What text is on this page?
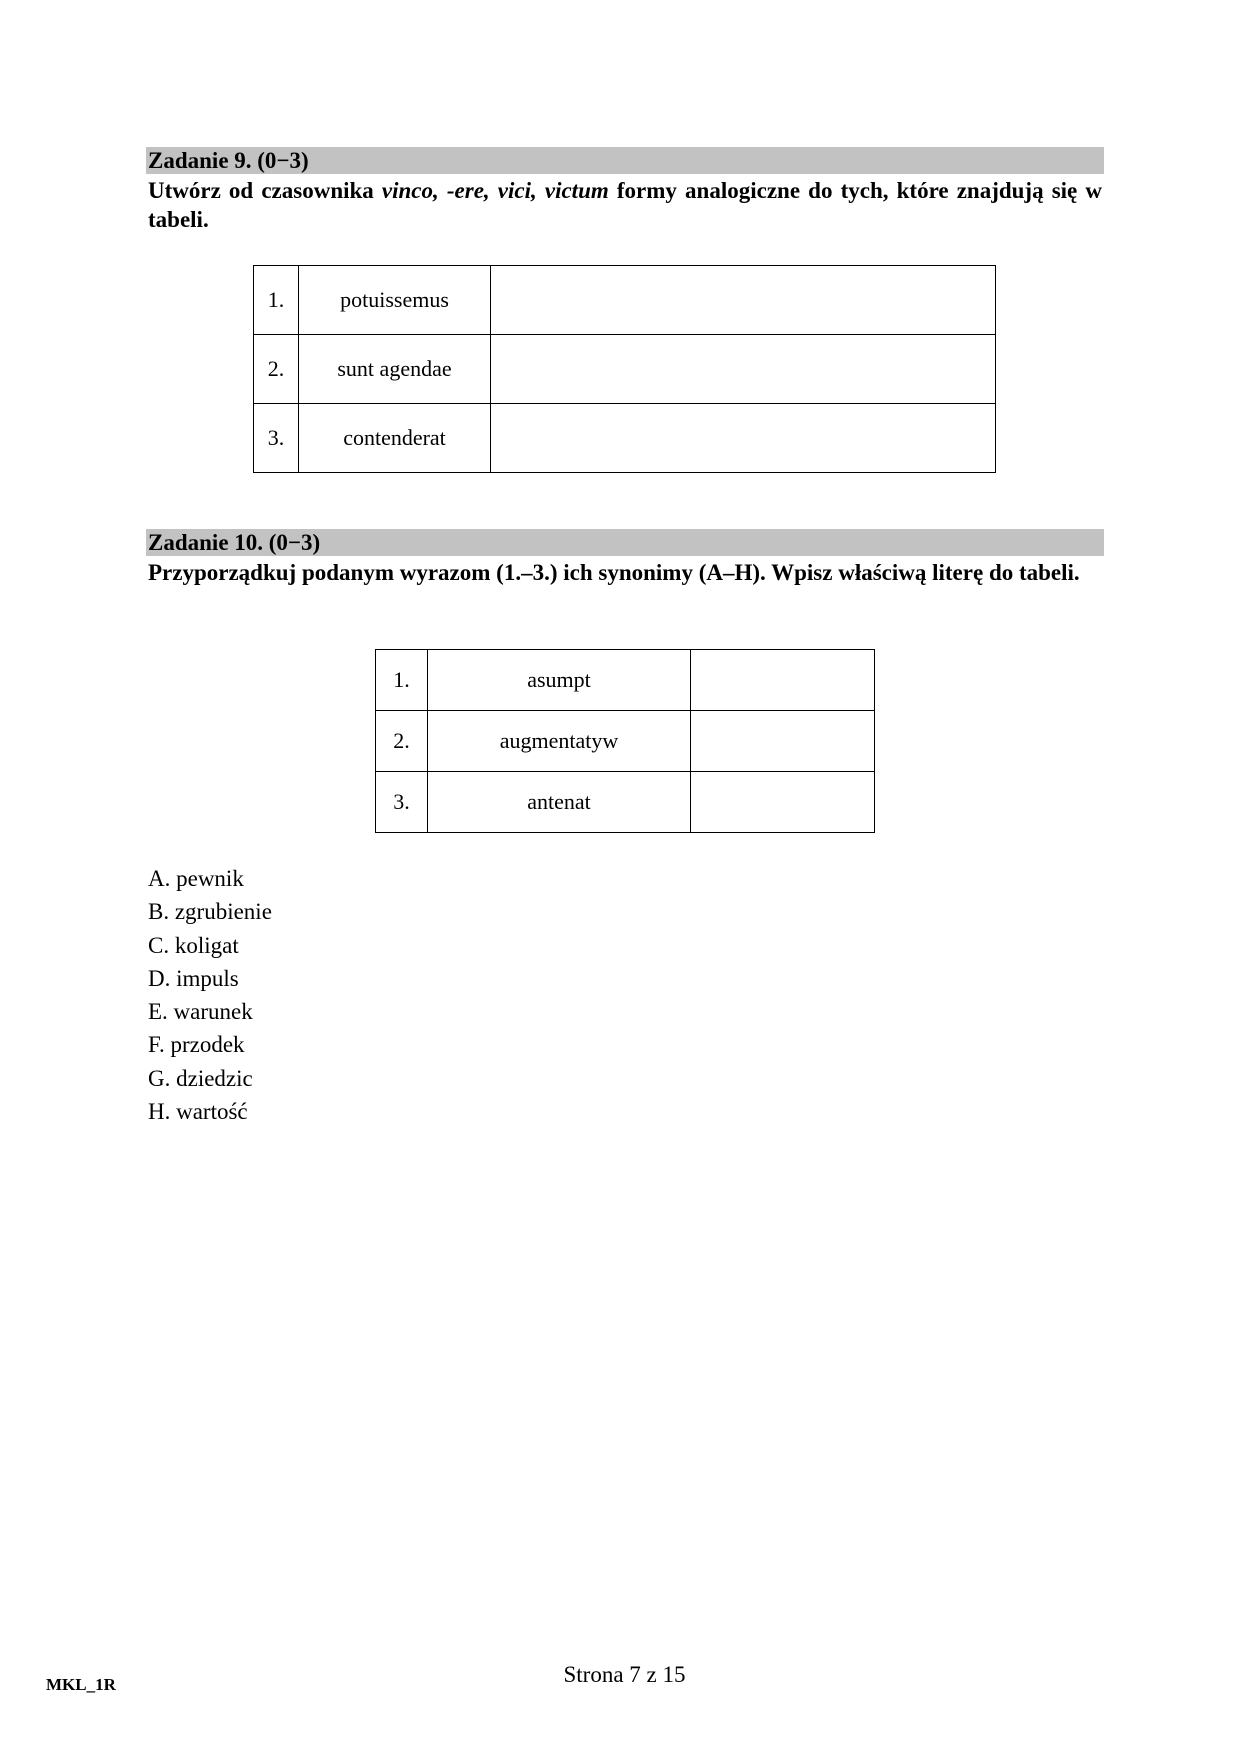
Zadanie 9. (0−3)
Utwórz od czasownika vinco, -ere, vici, victum formy analogiczne do tych, które znajdują się w tabeli.
1.	potuissemus	
2.	sunt agendae	
3.	contenderat	
Zadanie 10. (0−3)
Przyporządkuj podanym wyrazom (1.–3.) ich synonimy (A–H). Wpisz właściwą literę do tabeli.
1.	asumpt	
2.	augmentatyw	
3.	antenat	
A. pewnik
B. zgrubienie
C. koligat
D. impuls
E. warunek
F. przodek
G. dziedzic
H. wartość
MKL_1R	Strona 7 z 15
